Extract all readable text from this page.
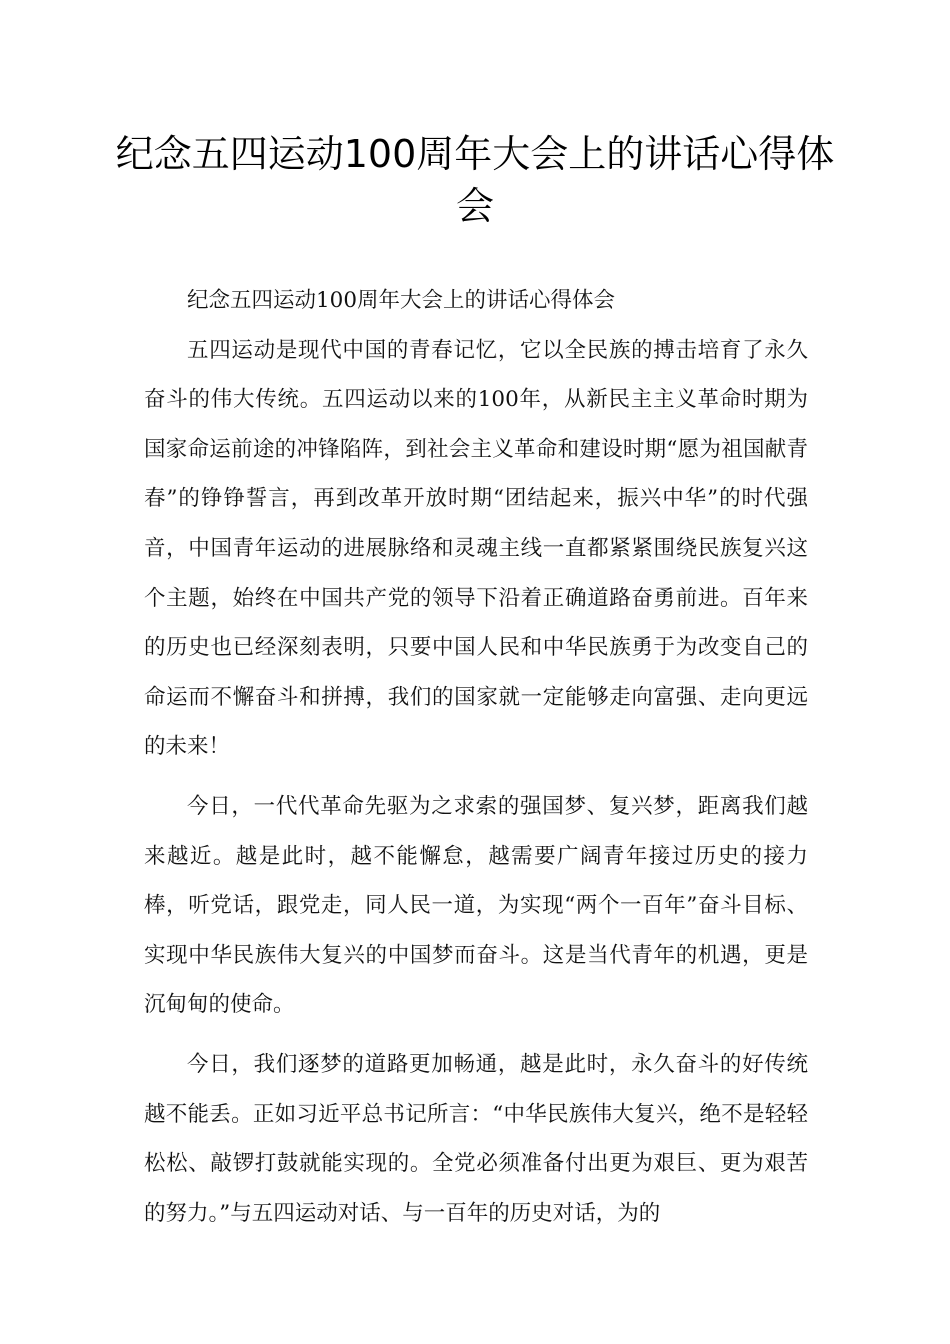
纪念五四运动100周年大会上的讲话心得体会

纪念五四运动100周年大会上的讲话心得体会

五四运动是现代中国的青春记忆，它以全民族的搏击培育了永久奋斗的伟大传统。五四运动以来的100年，从新民主主义革命时期为国家命运前途的冲锋陷阵，到社会主义革命和建设时期“愿为祖国献青春”的铮铮誓言，再到改革开放时期“团结起来，振兴中华”的时代强音，中国青年运动的进展脉络和灵魂主线一直都紧紧围绕民族复兴这个主题，始终在中国共产党的领导下沿着正确道路奋勇前进。百年来的历史也已经深刻表明，只要中国人民和中华民族勇于为改变自己的命运而不懈奋斗和拼搏，我们的国家就一定能够走向富强、走向更远的未来！

今日，一代代革命先驱为之求索的强国梦、复兴梦，距离我们越来越近。越是此时，越不能懈怠，越需要广阔青年接过历史的接力棒，听党话，跟党走，同人民一道，为实现“两个一百年”奋斗目标、实现中华民族伟大复兴的中国梦而奋斗。这是当代青年的机遇，更是沉甸甸的使命。

今日，我们逐梦的道路更加畅通，越是此时，永久奋斗的好传统越不能丢。正如习近平总书记所言：“中华民族伟大复兴，绝不是轻轻松松、敲锣打鼓就能实现的。全党必须准备付出更为艰巨、更为艰苦的努力。”与五四运动对话、与一百年的历史对话，为的
